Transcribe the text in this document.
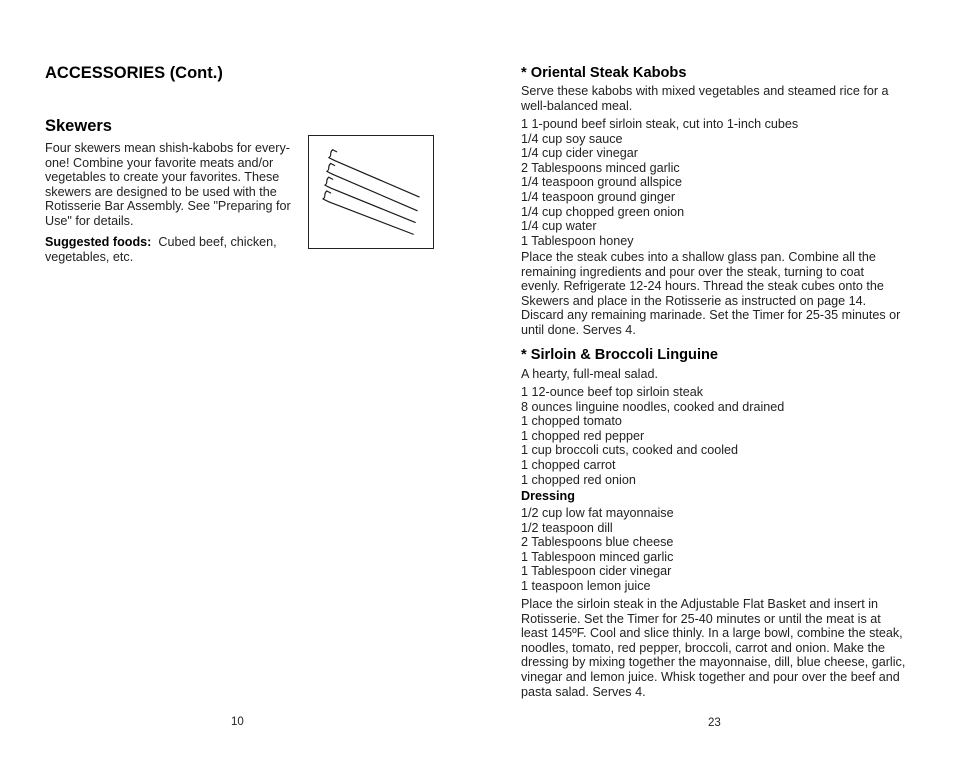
ACCESSORIES (Cont.)
Skewers
Four skewers mean shish-kabobs for every-one! Combine your favorite meats and/or vegetables to create your favorites. These skewers are designed to be used with the Rotisserie Bar Assembly. See "Preparing for Use" for details.
Suggested foods: Cubed beef, chicken, vegetables, etc.
10
* Oriental Steak Kabobs
Serve these kabobs with mixed vegetables and steamed rice for a well-balanced meal.
1 1-pound beef sirloin steak, cut into 1-inch cubes
1/4 cup soy sauce
1/4 cup cider vinegar
2 Tablespoons minced garlic
1/4 teaspoon ground allspice
1/4 teaspoon ground ginger
1/4 cup chopped green onion
1/4 cup water
1 Tablespoon honey
Place the steak cubes into a shallow glass pan. Combine all the remaining ingredients and pour over the steak, turning to coat evenly. Refrigerate 12-24 hours. Thread the steak cubes onto the Skewers and place in the Rotisserie as instructed on page 14. Discard any remaining marinade. Set the Timer for 25-35 minutes or until done. Serves 4.
* Sirloin & Broccoli Linguine
A hearty, full-meal salad.
1 12-ounce beef top sirloin steak
8 ounces linguine noodles, cooked and drained
1 chopped tomato
1 chopped red pepper
1 cup broccoli cuts, cooked and cooled
1 chopped carrot
1 chopped red onion
Dressing
1/2 cup low fat mayonnaise
1/2 teaspoon dill
2 Tablespoons blue cheese
1 Tablespoon minced garlic
1 Tablespoon cider vinegar
1 teaspoon lemon juice
Place the sirloin steak in the Adjustable Flat Basket and insert in Rotisserie. Set the Timer for 25-40 minutes or until the meat is at least 145ºF. Cool and slice thinly. In a large bowl, combine the steak, noodles, tomato, red pepper, broccoli, carrot and onion. Make the dressing by mixing together the mayonnaise, dill, blue cheese, garlic, vinegar and lemon juice. Whisk together and pour over the beef and pasta salad. Serves 4.
23
